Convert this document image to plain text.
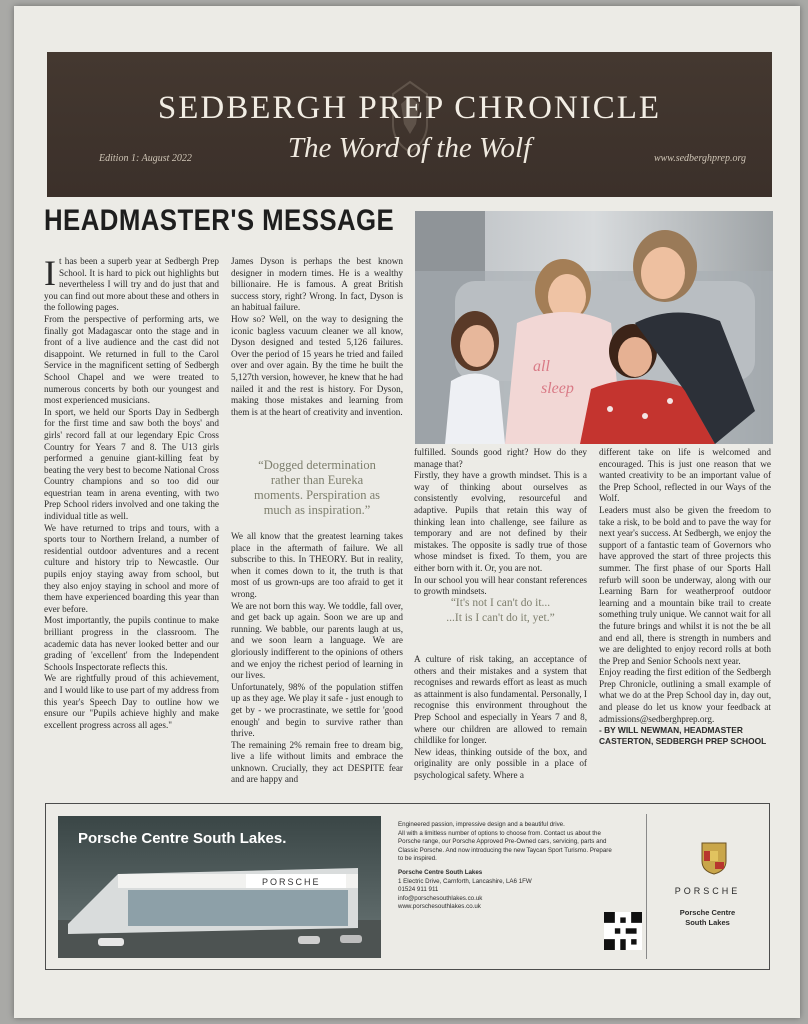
SEDBERGH PREP CHRONICLE
The Word of the Wolf
Edition 1: August 2022	www.sedberghprep.org
HEADMASTER'S MESSAGE
all
sleep

It has been a superb year at Sedbergh Prep School. It is hard to pick out highlights but nevertheless I will try and do just that and you can find out more about these and others in the following pages.

From the perspective of performing arts, we finally got Madagascar onto the stage and in front of a live audience and the cast did not disappoint. We returned in full to the Carol Service in the magnificent setting of Sedbergh School Chapel and we were treated to numerous concerts by both our youngest and most experienced musicians.

In sport, we held our Sports Day in Sedbergh for the first time and saw both the boys' and girls' record fall at our legendary Epic Cross Country for Years 7 and 8. The U13 girls performed a genuine giant-killing feat by beating the very best to become National Cross Country champions and so too did our equestrian team in arena eventing, with two Prep School riders involved and one taking the individual title as well.

We have returned to trips and tours, with a sports tour to Northern Ireland, a number of residential outdoor adventures and a recent culture and history trip to Newcastle. Our pupils enjoy staying away from school, but they also enjoy staying in school and more of them have experienced boarding this year than ever before.

Most importantly, the pupils continue to make brilliant progress in the classroom. The academic data has never looked better and our grading of 'excellent' from the Independent Schools Inspectorate reflects this.

We are rightfully proud of this achievement, and I would like to use part of my address from this year's Speech Day to outline how we ensure our "Pupils achieve highly and make excellent progress across all ages."

James Dyson is perhaps the best known designer in modern times. He is a wealthy billionaire. He is famous. A great British success story, right? Wrong. In fact, Dyson is an habitual failure.

How so? Well, on the way to designing the iconic bagless vacuum cleaner we all know, Dyson designed and tested 5,126 failures. Over the period of 15 years he tried and failed over and over again. By the time he built the 5,127th version, however, he knew that he had nailed it and the rest is history. For Dyson, making those mistakes and learning from them is at the heart of creativity and invention.

“Dogged determination rather than Eureka moments. Perspiration as much as inspiration.”

We all know that the greatest learning takes place in the aftermath of failure. We all subscribe to this. In THEORY. But in reality, when it comes down to it, the truth is that most of us grown-ups are too afraid to get it wrong.

We are not born this way. We toddle, fall over, and get back up again. Soon we are up and running. We babble, our parents laugh at us, and we soon learn a language. We are gloriously indifferent to the opinions of others and we enjoy the richest period of learning in our lives.

Unfortunately, 98% of the population stiffen up as they age. We play it safe - just enough to get by - we procrastinate, we settle for 'good enough' and begin to survive rather than thrive.

The remaining 2% remain free to dream big, live a life without limits and embrace the unknown. Crucially, they act DESPITE fear and are happy and

fulfilled. Sounds good right? How do they manage that?

Firstly, they have a growth mindset. This is a way of thinking about ourselves as consistently evolving, resourceful and adaptive. Pupils that retain this way of thinking lean into challenge, see failure as temporary and are not defined by their mistakes. The opposite is sadly true of those whose mindset is fixed. To them, you are either born with it. Or, you are not.

In our school you will hear constant references to growth mindsets.

“It's not I can't do it...
...It is I can't do it, yet.”

A culture of risk taking, an acceptance of others and their mistakes and a system that recognises and rewards effort as least as much as attainment is also fundamental. Personally, I recognise this environment throughout the Prep School and especially in Years 7 and 8, where our children are allowed to remain childlike for longer.

New ideas, thinking outside of the box, and originality are only possible in a place of psychological safety. Where a

different take on life is welcomed and encouraged. This is just one reason that we wanted creativity to be an important value of the Prep School, reflected in our Ways of the Wolf.

Leaders must also be given the freedom to take a risk, to be bold and to pave the way for next year's success. At Sedbergh, we enjoy the support of a fantastic team of Governors who have approved the start of three projects this summer. The first phase of our Sports Hall refurb will soon be underway, along with our Learning Barn for weatherproof outdoor learning and a mountain bike trail to create something truly unique. We cannot wait for all the future brings and whilst it is not the be all and end all, there is strength in numbers and we are delighted to enjoy record rolls at both the Prep and Senior Schools next year.

Enjoy reading the first edition of the Sedbergh Prep Chronicle, outlining a small example of what we do at the Prep School day in, day out, and please do let us know your feedback at admissions@sedberghprep.org.

- BY WILL NEWMAN, HEADMASTER CASTERTON, SEDBERGH PREP SCHOOL

PORSCHE
Porsche Centre South Lakes.
Engineered passion, impressive design and a beautiful drive.
All with a limitless number of options to choose from. Contact us about the Porsche range, our Porsche Approved Pre-Owned cars, servicing, parts and Classic Porsche. And now introducing the new Taycan Sport Turismo. Prepare to be inspired.
Porsche Centre South Lakes
1 Electric Drive, Carnforth, Lancashire, LA6 1FW
01524 911 911
info@porschesouthlakes.co.uk
www.porschesouthlakes.co.uk
PORSCHE
Porsche Centre
South Lakes
